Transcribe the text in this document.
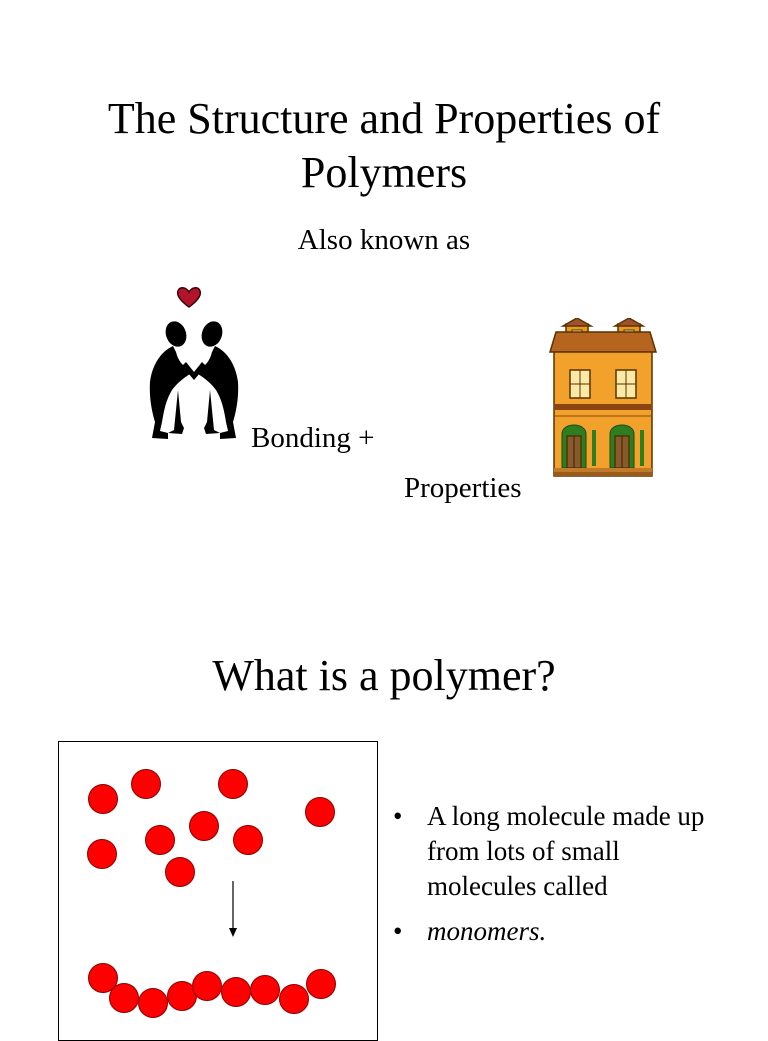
The Structure and Properties of
Polymers
Also known as
Bonding +
Properties
What is a polymer?
• A long molecule made up from lots of small molecules called
• monomers.
